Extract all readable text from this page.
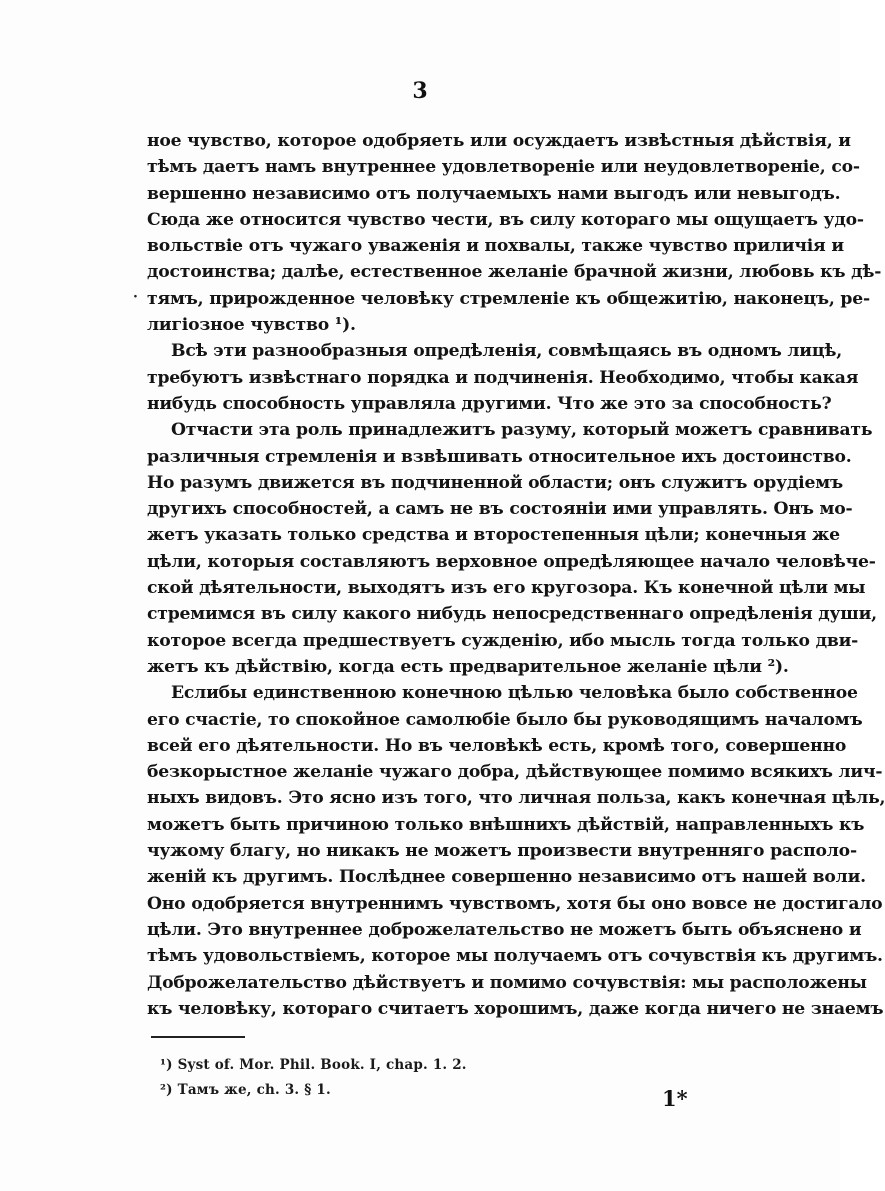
3
·
ное чувство, которое одобряеть или осуждаетъ извѣстныя дѣйствія, и
тѣмъ даетъ намъ внутреннее удовлетвореніе или неудовлетвореніе, со-
вершенно независимо отъ получаемыхъ нами выгодъ или невыгодъ.
Сюда же относится чувство чести, въ силу котораго мы ощущаетъ удо-
вольствіе отъ чужаго уваженія и похвалы, также чувство приличія и
достоинства; далѣе, естественное желаніе брачной жизни, любовь къ дѣ-
тямъ, прирожденное человѣку стремленіе къ общежитію, наконецъ, ре-
лигіозное чувство ¹).
Всѣ эти разнообразныя опредѣленія, совмѣщаясь въ одномъ лицѣ,
требуютъ извѣстнаго порядка и подчиненія. Необходимо, чтобы какая
нибудь способность управляла другими. Что же это за способность?
Отчасти эта роль принадлежитъ разуму, который можетъ сравнивать
различныя стремленія и взвѣшивать относительное ихъ достоинство.
Но разумъ движется въ подчиненной области; онъ служитъ орудіемъ
другихъ способностей, а самъ не въ состояніи ими управлять. Онъ мо-
жетъ указать только средства и второстепенныя цѣли; конечныя же
цѣли, которыя составляютъ верховное опредѣляющее начало человѣче-
ской дѣятельности, выходятъ изъ его кругозора. Къ конечной цѣли мы
стремимся въ силу какого нибудь непосредственнаго опредѣленія души,
которое всегда предшествуетъ сужденію, ибо мысль тогда только дви-
жетъ къ дѣйствію, когда есть предварительное желаніе цѣли ²).
Еслибы единственною конечною цѣлью человѣка было собственное
его счастіе, то спокойное самолюбіе было бы руководящимъ началомъ
всей его дѣятельности. Но въ человѣкѣ есть, кромѣ того, совершенно
безкорыстное желаніе чужаго добра, дѣйствующее помимо всякихъ лич-
ныхъ видовъ. Это ясно изъ того, что личная польза, какъ конечная цѣль,
можетъ быть причиною только внѣшнихъ дѣйствій, направленныхъ къ
чужому благу, но никакъ не можетъ произвести внутренняго располо-
женій къ другимъ. Послѣднее совершенно независимо отъ нашей воли.
Оно одобряется внутреннимъ чувствомъ, хотя бы оно вовсе не достигало
цѣли. Это внутреннее доброжелательство не можетъ быть объяснено и
тѣмъ удовольствіемъ, которое мы получаемъ отъ сочувствія къ другимъ.
Доброжелательство дѣйствуетъ и помимо сочувствія: мы расположены
къ человѣку, котораго считаетъ хорошимъ, даже когда ничего не знаемъ
¹) Syst of. Mor. Phil. Book. I, chap. 1. 2.
²) Тамъ же, ch. 3. § 1.	1*
